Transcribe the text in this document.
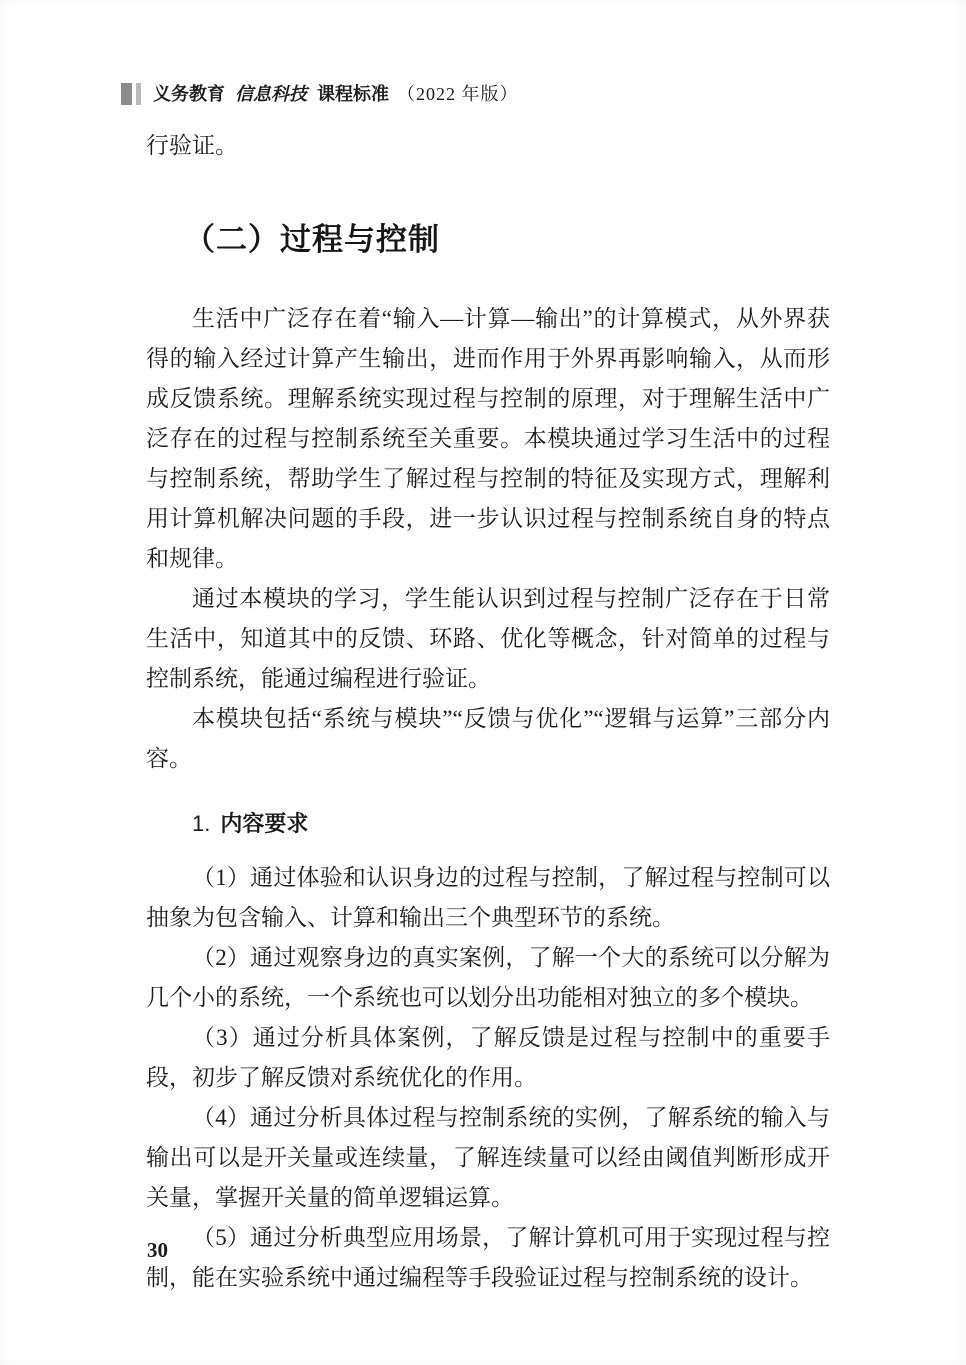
义务教育 信息科技 课程标准 （2022 年版）

行验证。

（二）过程与控制

生活中广泛存在着“输入—计算—输出”的计算模式，从外界获得的输入经过计算产生输出，进而作用于外界再影响输入，从而形成反馈系统。理解系统实现过程与控制的原理，对于理解生活中广泛存在的过程与控制系统至关重要。本模块通过学习生活中的过程与控制系统，帮助学生了解过程与控制的特征及实现方式，理解利用计算机解决问题的手段，进一步认识过程与控制系统自身的特点和规律。

通过本模块的学习，学生能认识到过程与控制广泛存在于日常生活中，知道其中的反馈、环路、优化等概念，针对简单的过程与控制系统，能通过编程进行验证。

本模块包括“系统与模块”“反馈与优化”“逻辑与运算”三部分内容。

1. 内容要求

（1）通过体验和认识身边的过程与控制，了解过程与控制可以抽象为包含输入、计算和输出三个典型环节的系统。

（2）通过观察身边的真实案例，了解一个大的系统可以分解为几个小的系统，一个系统也可以划分出功能相对独立的多个模块。

（3）通过分析具体案例，了解反馈是过程与控制中的重要手段，初步了解反馈对系统优化的作用。

（4）通过分析具体过程与控制系统的实例，了解系统的输入与输出可以是开关量或连续量，了解连续量可以经由阈值判断形成开关量，掌握开关量的简单逻辑运算。

（5）通过分析典型应用场景，了解计算机可用于实现过程与控制，能在实验系统中通过编程等手段验证过程与控制系统的设计。

30
